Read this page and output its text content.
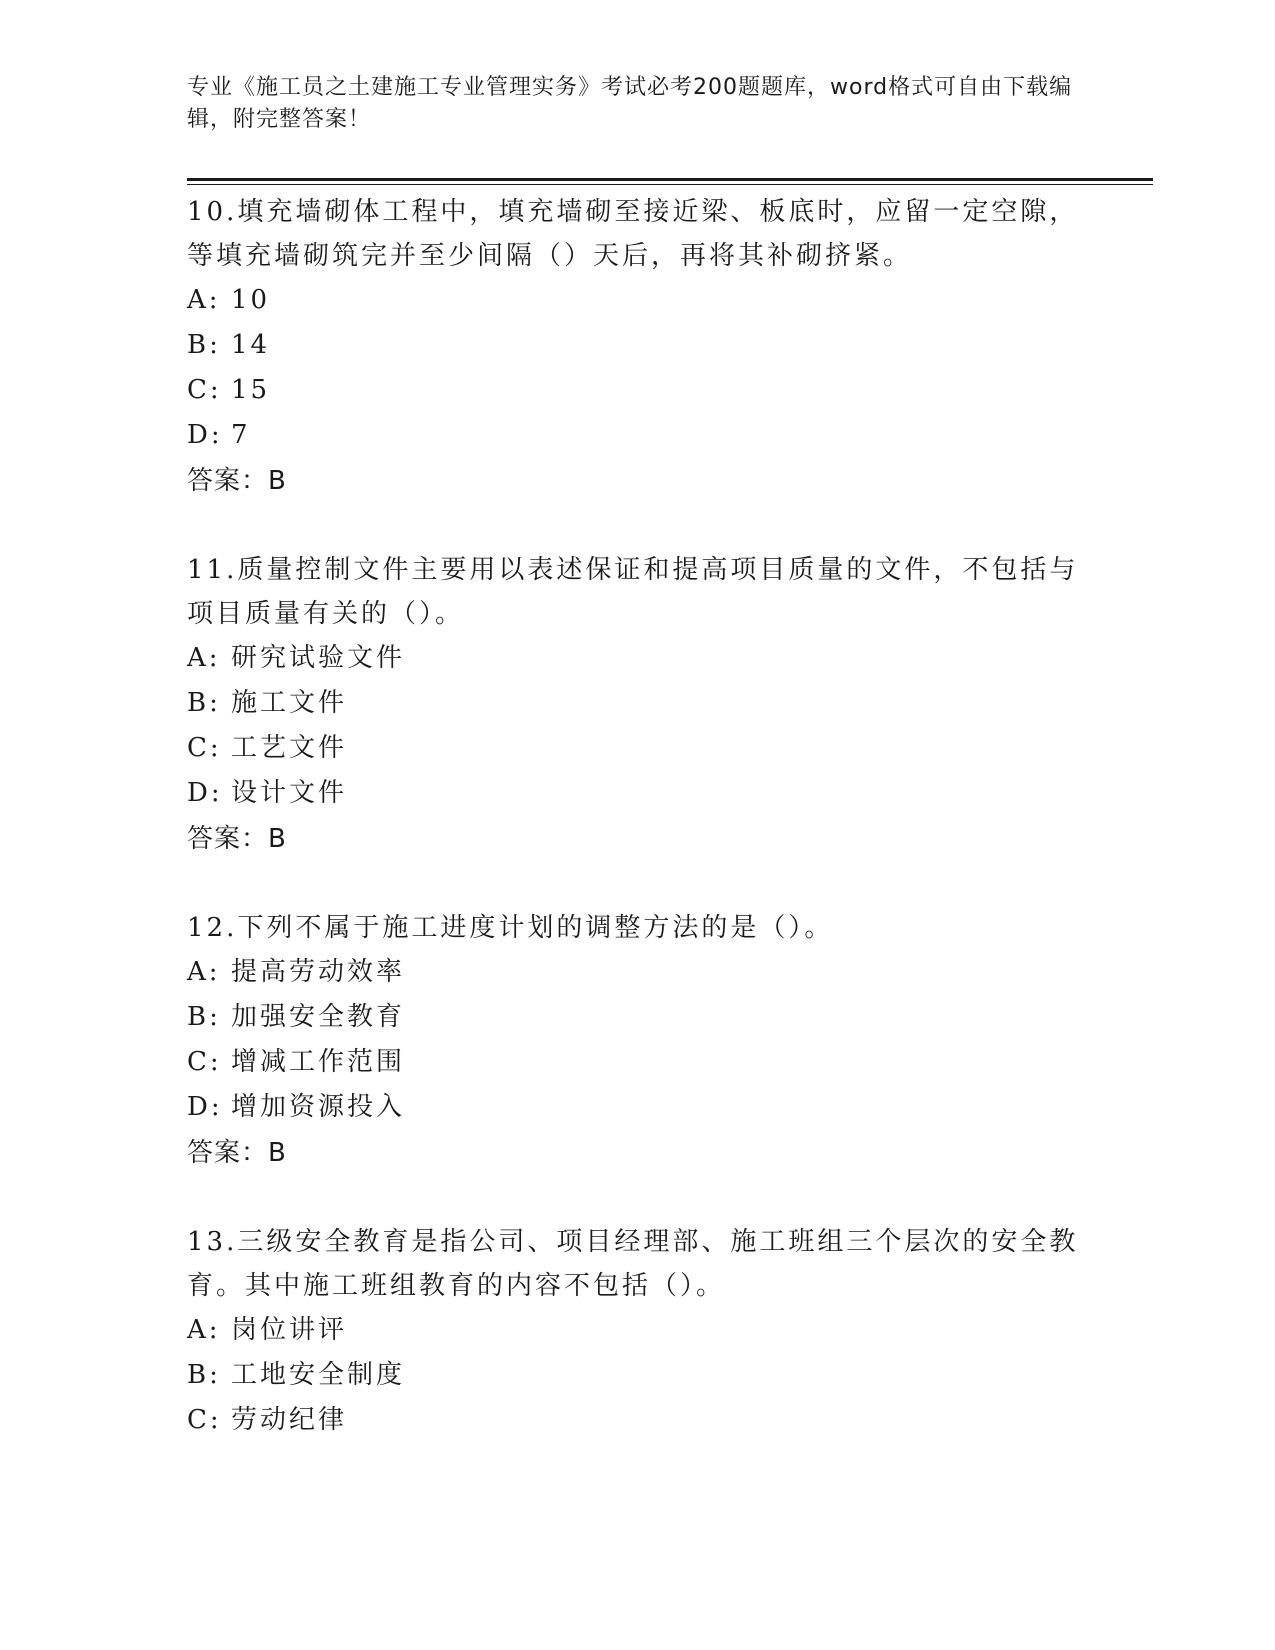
专业《施工员之土建施工专业管理实务》考试必考200题题库，word格式可自由下载编辑，附完整答案！
10.填充墙砌体工程中，填充墙砌至接近梁、板底时，应留一定空隙，等填充墙砌筑完并至少间隔（）天后，再将其补砌挤紧。
A: 10
B: 14
C: 15
D: 7
答案：B
11.质量控制文件主要用以表述保证和提高项目质量的文件，不包括与项目质量有关的（）。
A: 研究试验文件
B: 施工文件
C: 工艺文件
D: 设计文件
答案：B
12.下列不属于施工进度计划的调整方法的是（）。
A: 提高劳动效率
B: 加强安全教育
C: 增减工作范围
D: 增加资源投入
答案：B
13.三级安全教育是指公司、项目经理部、施工班组三个层次的安全教育。其中施工班组教育的内容不包括（）。
A: 岗位讲评
B: 工地安全制度
C: 劳动纪律
